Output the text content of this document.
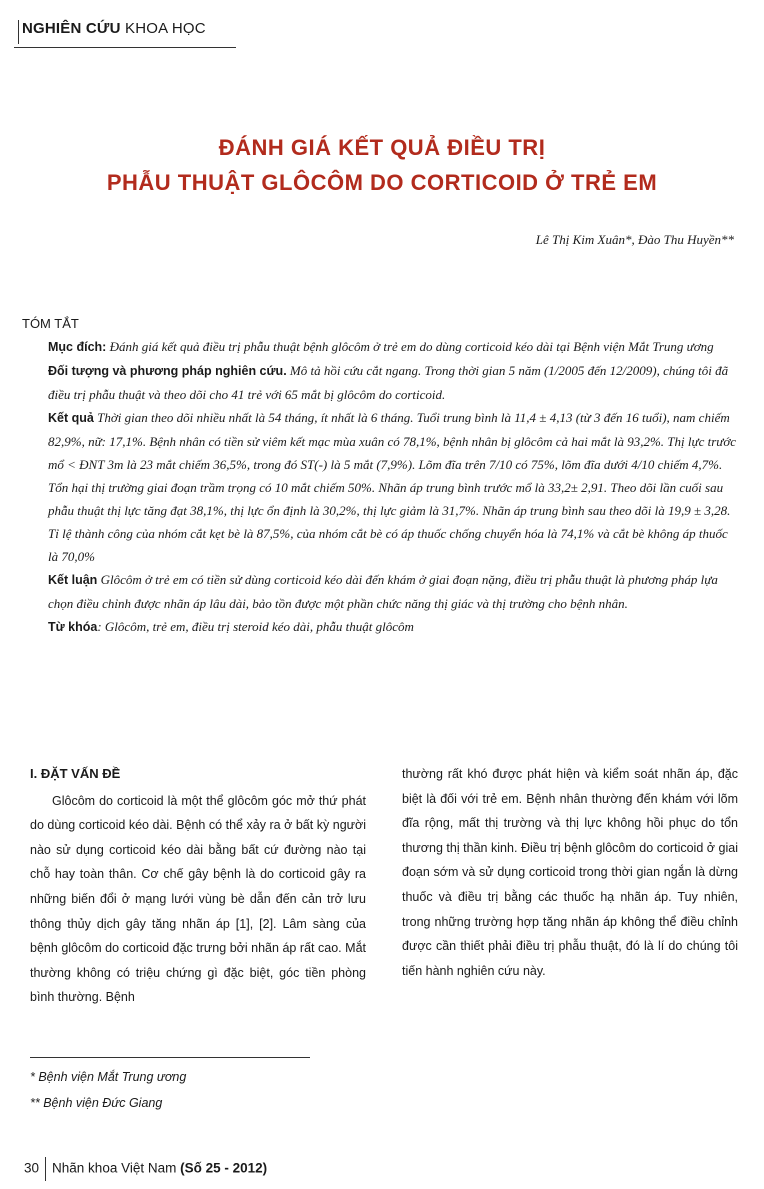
NGHIÊN CỨU KHOA HỌC
ĐÁNH GIÁ KẾT QUẢ ĐIỀU TRỊ
PHẪU THUẬT GLÔCÔM DO CORTICOID Ở TRẺ EM
Lê Thị Kim Xuân*, Đào Thu Huyền**

TÓM TẮT

Mục đích: Đánh giá kết quả điều trị phẫu thuật bệnh glôcôm ở trẻ em do dùng corticoid kéo dài tại Bệnh viện Mắt Trung ương

Đối tượng và phương pháp nghiên cứu. Mô tả hồi cứu cắt ngang. Trong thời gian 5 năm (1/2005 đến 12/2009), chúng tôi đã điều trị phẫu thuật và theo dõi cho 41 trẻ với 65 mắt bị glôcôm do corticoid.

Kết quả Thời gian theo dõi nhiều nhất là 54 tháng, ít nhất là 6 tháng. Tuổi trung bình là 11,4 ± 4,13 (từ 3 đến 16 tuổi), nam chiếm 82,9%, nữ: 17,1%. Bệnh nhân có tiền sử viêm kết mạc mùa xuân có 78,1%, bệnh nhân bị glôcôm cả hai mắt là 93,2%. Thị lực trước mổ < ĐNT 3m là 23 mắt chiếm 36,5%, trong đó ST(-) là 5 mắt (7,9%). Lõm đĩa trên 7/10 có 75%, lõm đĩa dưới 4/10 chiếm 4,7%. Tổn hại thị trường giai đoạn trầm trọng có 10 mắt chiếm 50%. Nhãn áp trung bình trước mổ là 33,2± 2,91. Theo dõi lần cuối sau phẫu thuật thị lực tăng đạt 38,1%, thị lực ổn định là 30,2%, thị lực giảm là 31,7%. Nhãn áp trung bình sau theo dõi là 19,9 ± 3,28. Tỉ lệ thành công của nhóm cắt kẹt bè là 87,5%, của nhóm cắt bè có áp thuốc chống chuyển hóa là 74,1% và cắt bè không áp thuốc là 70,0%

Kết luận Glôcôm ở trẻ em có tiền sử dùng corticoid kéo dài đến khám ở giai đoạn nặng, điều trị phẫu thuật là phương pháp lựa chọn điều chỉnh được nhãn áp lâu dài, bảo tồn được một phần chức năng thị giác và thị trường cho bệnh nhân.

Từ khóa: Glôcôm, trẻ em, điều trị steroid kéo dài, phẫu thuật glôcôm

I. ĐẶT VẤN ĐỀ

Glôcôm do corticoid là một thể glôcôm góc mở thứ phát do dùng corticoid kéo dài. Bệnh có thể xảy ra ở bất kỳ người nào sử dụng corticoid kéo dài bằng bất cứ đường nào tại chỗ hay toàn thân. Cơ chế gây bệnh là do corticoid gây ra những biến đổi ở mạng lưới vùng bè dẫn đến cản trở lưu thông thủy dịch gây tăng nhãn áp [1], [2]. Lâm sàng của bệnh glôcôm do corticoid đặc trưng bởi nhãn áp rất cao. Mắt thường không có triệu chứng gì đặc biệt, góc tiền phòng bình thường. Bệnh

thường rất khó được phát hiện và kiểm soát nhãn áp, đặc biệt là đối với trẻ em. Bệnh nhân thường đến khám với lõm đĩa rộng, mất thị trường và thị lực không hồi phục do tổn thương thị thần kinh. Điều trị bệnh glôcôm do corticoid ở giai đoạn sớm và sử dụng corticoid trong thời gian ngắn là dừng thuốc và điều trị bằng các thuốc hạ nhãn áp. Tuy nhiên, trong những trường hợp tăng nhãn áp không thể điều chỉnh được cần thiết phải điều trị phẫu thuật, đó là lí do chúng tôi tiến hành nghiên cứu này.

* Bệnh viện Mắt Trung ương
** Bệnh viện Đức Giang
30 Nhãn khoa Việt Nam (Số 25 - 2012)
